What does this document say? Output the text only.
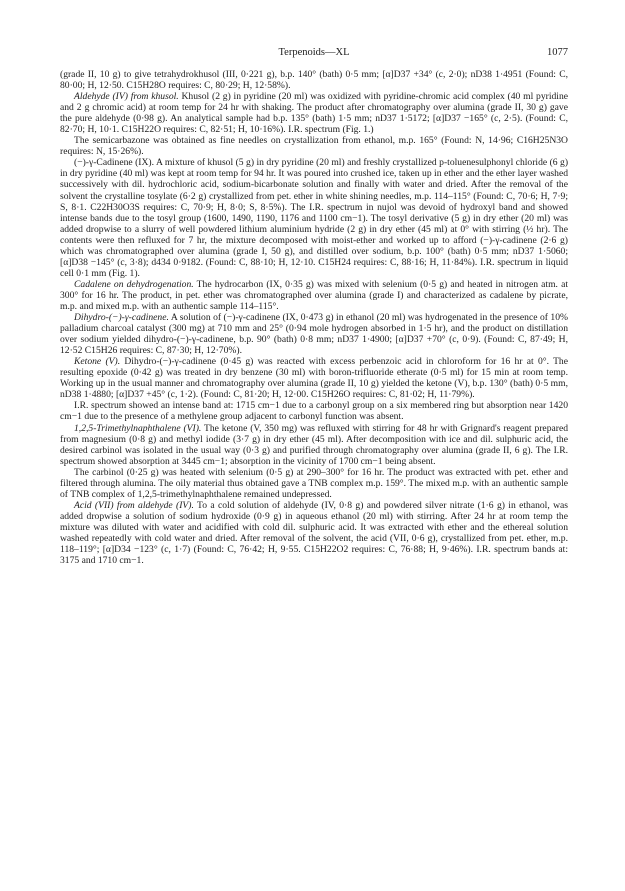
Terpenoids—XL	1077

(grade II, 10 g) to give tetrahydrokhusol (III, 0·221 g), b.p. 140° (bath) 0·5 mm; [α]D37 +34° (c, 2·0); nD38 1·4951 (Found: C, 80·00; H, 12·50. C15H28O requires: C, 80·29; H, 12·58%).

Aldehyde (IV) from khusol. Khusol (2 g) in pyridine (20 ml) was oxidized with pyridine-chromic acid complex (40 ml pyridine and 2 g chromic acid) at room temp for 24 hr with shaking. The product after chromatography over alumina (grade II, 30 g) gave the pure aldehyde (0·98 g). An analytical sample had b.p. 135° (bath) 1·5 mm; nD37 1·5172; [α]D37 −165° (c, 2·5). (Found: C, 82·70; H, 10·1. C15H22O requires: C, 82·51; H, 10·16%). I.R. spectrum (Fig. 1.)

The semicarbazone was obtained as fine needles on crystallization from ethanol, m.p. 165° (Found: N, 14·96; C16H25N3O requires: N, 15·26%).

(−)-γ-Cadinene (IX). A mixture of khusol (5 g) in dry pyridine (20 ml) and freshly crystallized p-toluenesulphonyl chloride (6 g) in dry pyridine (40 ml) was kept at room temp for 94 hr. It was poured into crushed ice, taken up in ether and the ether layer washed successively with dil. hydrochloric acid, sodium-bicarbonate solution and finally with water and dried. After the removal of the solvent the crystalline tosylate (6·2 g) crystallized from pet. ether in white shining needles, m.p. 114–115° (Found: C, 70·6; H, 7·9; S, 8·1. C22H30O3S requires: C, 70·9; H, 8·0; S, 8·5%). The I.R. spectrum in nujol was devoid of hydroxyl band and showed intense bands due to the tosyl group (1600, 1490, 1190, 1176 and 1100 cm−1). The tosyl derivative (5 g) in dry ether (20 ml) was added dropwise to a slurry of well powdered lithium aluminium hydride (2 g) in dry ether (45 ml) at 0° with stirring (½ hr). The contents were then refluxed for 7 hr, the mixture decomposed with moist-ether and worked up to afford (−)-γ-cadinene (2·6 g) which was chromatographed over alumina (grade I, 50 g), and distilled over sodium, b.p. 100° (bath) 0·5 mm; nD37 1·5060; [α]D38 −145° (c, 3·8); d434 0·9182. (Found: C, 88·10; H, 12·10. C15H24 requires: C, 88·16; H, 11·84%). I.R. spectrum in liquid cell 0·1 mm (Fig. 1).

Cadalene on dehydrogenation. The hydrocarbon (IX, 0·35 g) was mixed with selenium (0·5 g) and heated in nitrogen atm. at 300° for 16 hr. The product, in pet. ether was chromatographed over alumina (grade I) and characterized as cadalene by picrate, m.p. and mixed m.p. with an authentic sample 114–115°.

Dihydro-(−)-γ-cadinene. A solution of (−)-γ-cadinene (IX, 0·473 g) in ethanol (20 ml) was hydrogenated in the presence of 10% palladium charcoal catalyst (300 mg) at 710 mm and 25° (0·94 mole hydrogen absorbed in 1·5 hr), and the product on distillation over sodium yielded dihydro-(−)-γ-cadinene, b.p. 90° (bath) 0·8 mm; nD37 1·4900; [α]D37 +70° (c, 0·9). (Found: C, 87·49; H, 12·52 C15H26 requires: C, 87·30; H, 12·70%).

Ketone (V). Dihydro-(−)-γ-cadinene (0·45 g) was reacted with excess perbenzoic acid in chloroform for 16 hr at 0°. The resulting epoxide (0·42 g) was treated in dry benzene (30 ml) with boron-trifluoride etherate (0·5 ml) for 15 min at room temp. Working up in the usual manner and chromatography over alumina (grade II, 10 g) yielded the ketone (V), b.p. 130° (bath) 0·5 mm, nD38 1·4880; [α]D37 +45° (c, 1·2). (Found: C, 81·20; H, 12·00. C15H26O requires: C, 81·02; H, 11·79%).

I.R. spectrum showed an intense band at: 1715 cm−1 due to a carbonyl group on a six membered ring but absorption near 1420 cm−1 due to the presence of a methylene group adjacent to carbonyl function was absent.

1,2,5-Trimethylnaphthalene (VI). The ketone (V, 350 mg) was refluxed with stirring for 48 hr with Grignard's reagent prepared from magnesium (0·8 g) and methyl iodide (3·7 g) in dry ether (45 ml). After decomposition with ice and dil. sulphuric acid, the desired carbinol was isolated in the usual way (0·3 g) and purified through chromatography over alumina (grade II, 6 g). The I.R. spectrum showed absorption at 3445 cm−1; absorption in the vicinity of 1700 cm−1 being absent.

The carbinol (0·25 g) was heated with selenium (0·5 g) at 290–300° for 16 hr. The product was extracted with pet. ether and filtered through alumina. The oily material thus obtained gave a TNB complex m.p. 159°. The mixed m.p. with an authentic sample of TNB complex of 1,2,5-trimethylnaphthalene remained undepressed.

Acid (VII) from aldehyde (IV). To a cold solution of aldehyde (IV, 0·8 g) and powdered silver nitrate (1·6 g) in ethanol, was added dropwise a solution of sodium hydroxide (0·9 g) in aqueous ethanol (20 ml) with stirring. After 24 hr at room temp the mixture was diluted with water and acidified with cold dil. sulphuric acid. It was extracted with ether and the ethereal solution washed repeatedly with cold water and dried. After removal of the solvent, the acid (VII, 0·6 g), crystallized from pet. ether, m.p. 118–119°; [α]D34 −123° (c, 1·7) (Found: C, 76·42; H, 9·55. C15H22O2 requires: C, 76·88; H, 9·46%). I.R. spectrum bands at: 3175 and 1710 cm−1.
